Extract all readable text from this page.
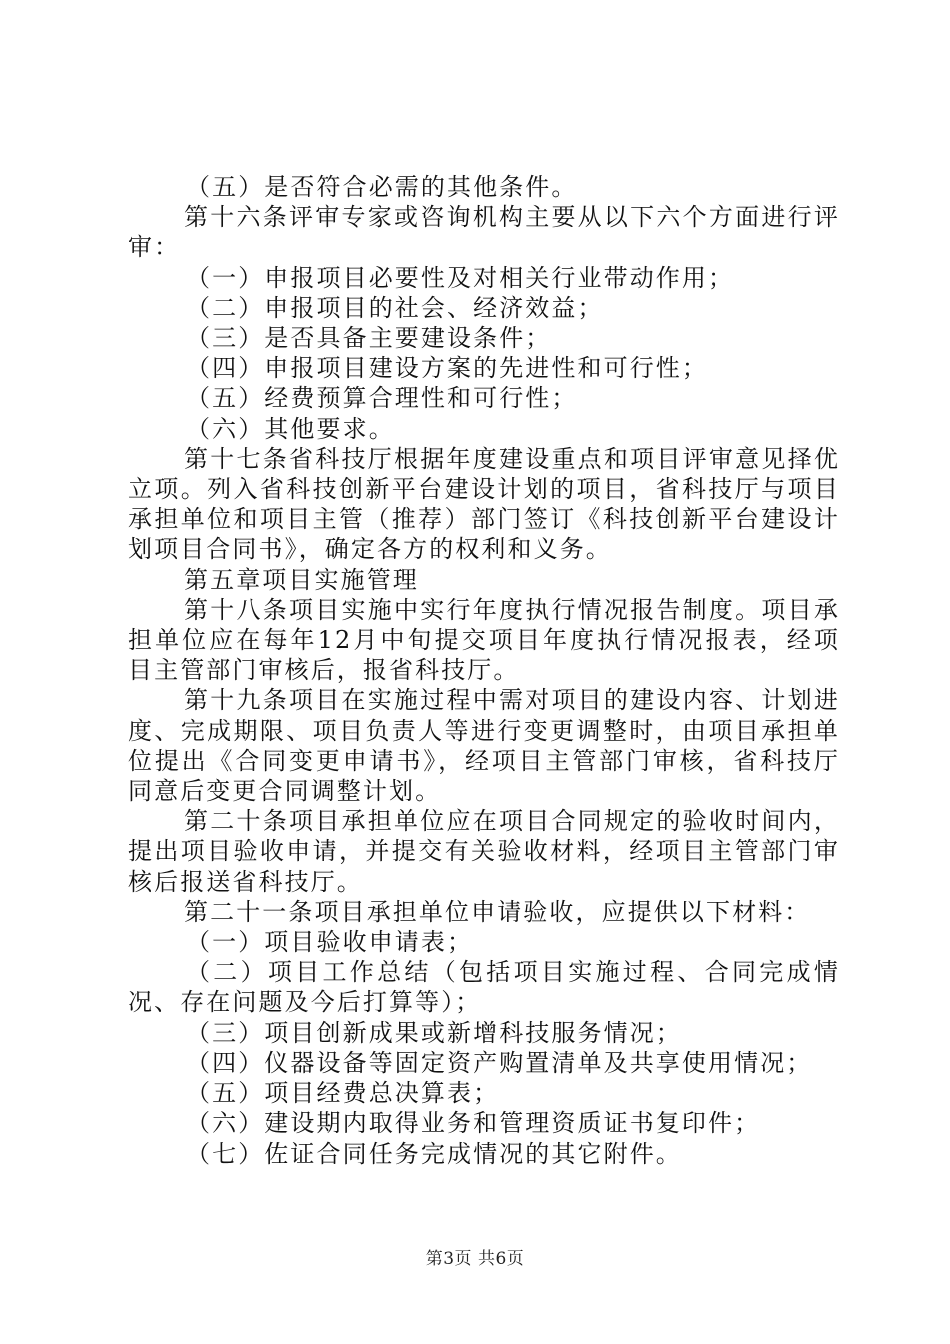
（五）是否符合必需的其他条件。

第十六条评审专家或咨询机构主要从以下六个方面进行评审：

（一）申报项目必要性及对相关行业带动作用；

（二）申报项目的社会、经济效益；

（三）是否具备主要建设条件；

（四）申报项目建设方案的先进性和可行性；

（五）经费预算合理性和可行性；

（六）其他要求。

第十七条省科技厅根据年度建设重点和项目评审意见择优立项。列入省科技创新平台建设计划的项目，省科技厅与项目承担单位和项目主管（推荐）部门签订《科技创新平台建设计划项目合同书》，确定各方的权利和义务。

第五章项目实施管理

第十八条项目实施中实行年度执行情况报告制度。项目承担单位应在每年12月中旬提交项目年度执行情况报表，经项目主管部门审核后，报省科技厅。

第十九条项目在实施过程中需对项目的建设内容、计划进度、完成期限、项目负责人等进行变更调整时，由项目承担单位提出《合同变更申请书》，经项目主管部门审核，省科技厅同意后变更合同调整计划。

第二十条项目承担单位应在项目合同规定的验收时间内，提出项目验收申请，并提交有关验收材料，经项目主管部门审核后报送省科技厅。

第二十一条项目承担单位申请验收，应提供以下材料：

（一）项目验收申请表；

（二）项目工作总结（包括项目实施过程、合同完成情况、存在问题及今后打算等）；

（三）项目创新成果或新增科技服务情况；

（四）仪器设备等固定资产购置清单及共享使用情况；

（五）项目经费总决算表；

（六）建设期内取得业务和管理资质证书复印件；

（七）佐证合同任务完成情况的其它附件。

第3页 共6页
